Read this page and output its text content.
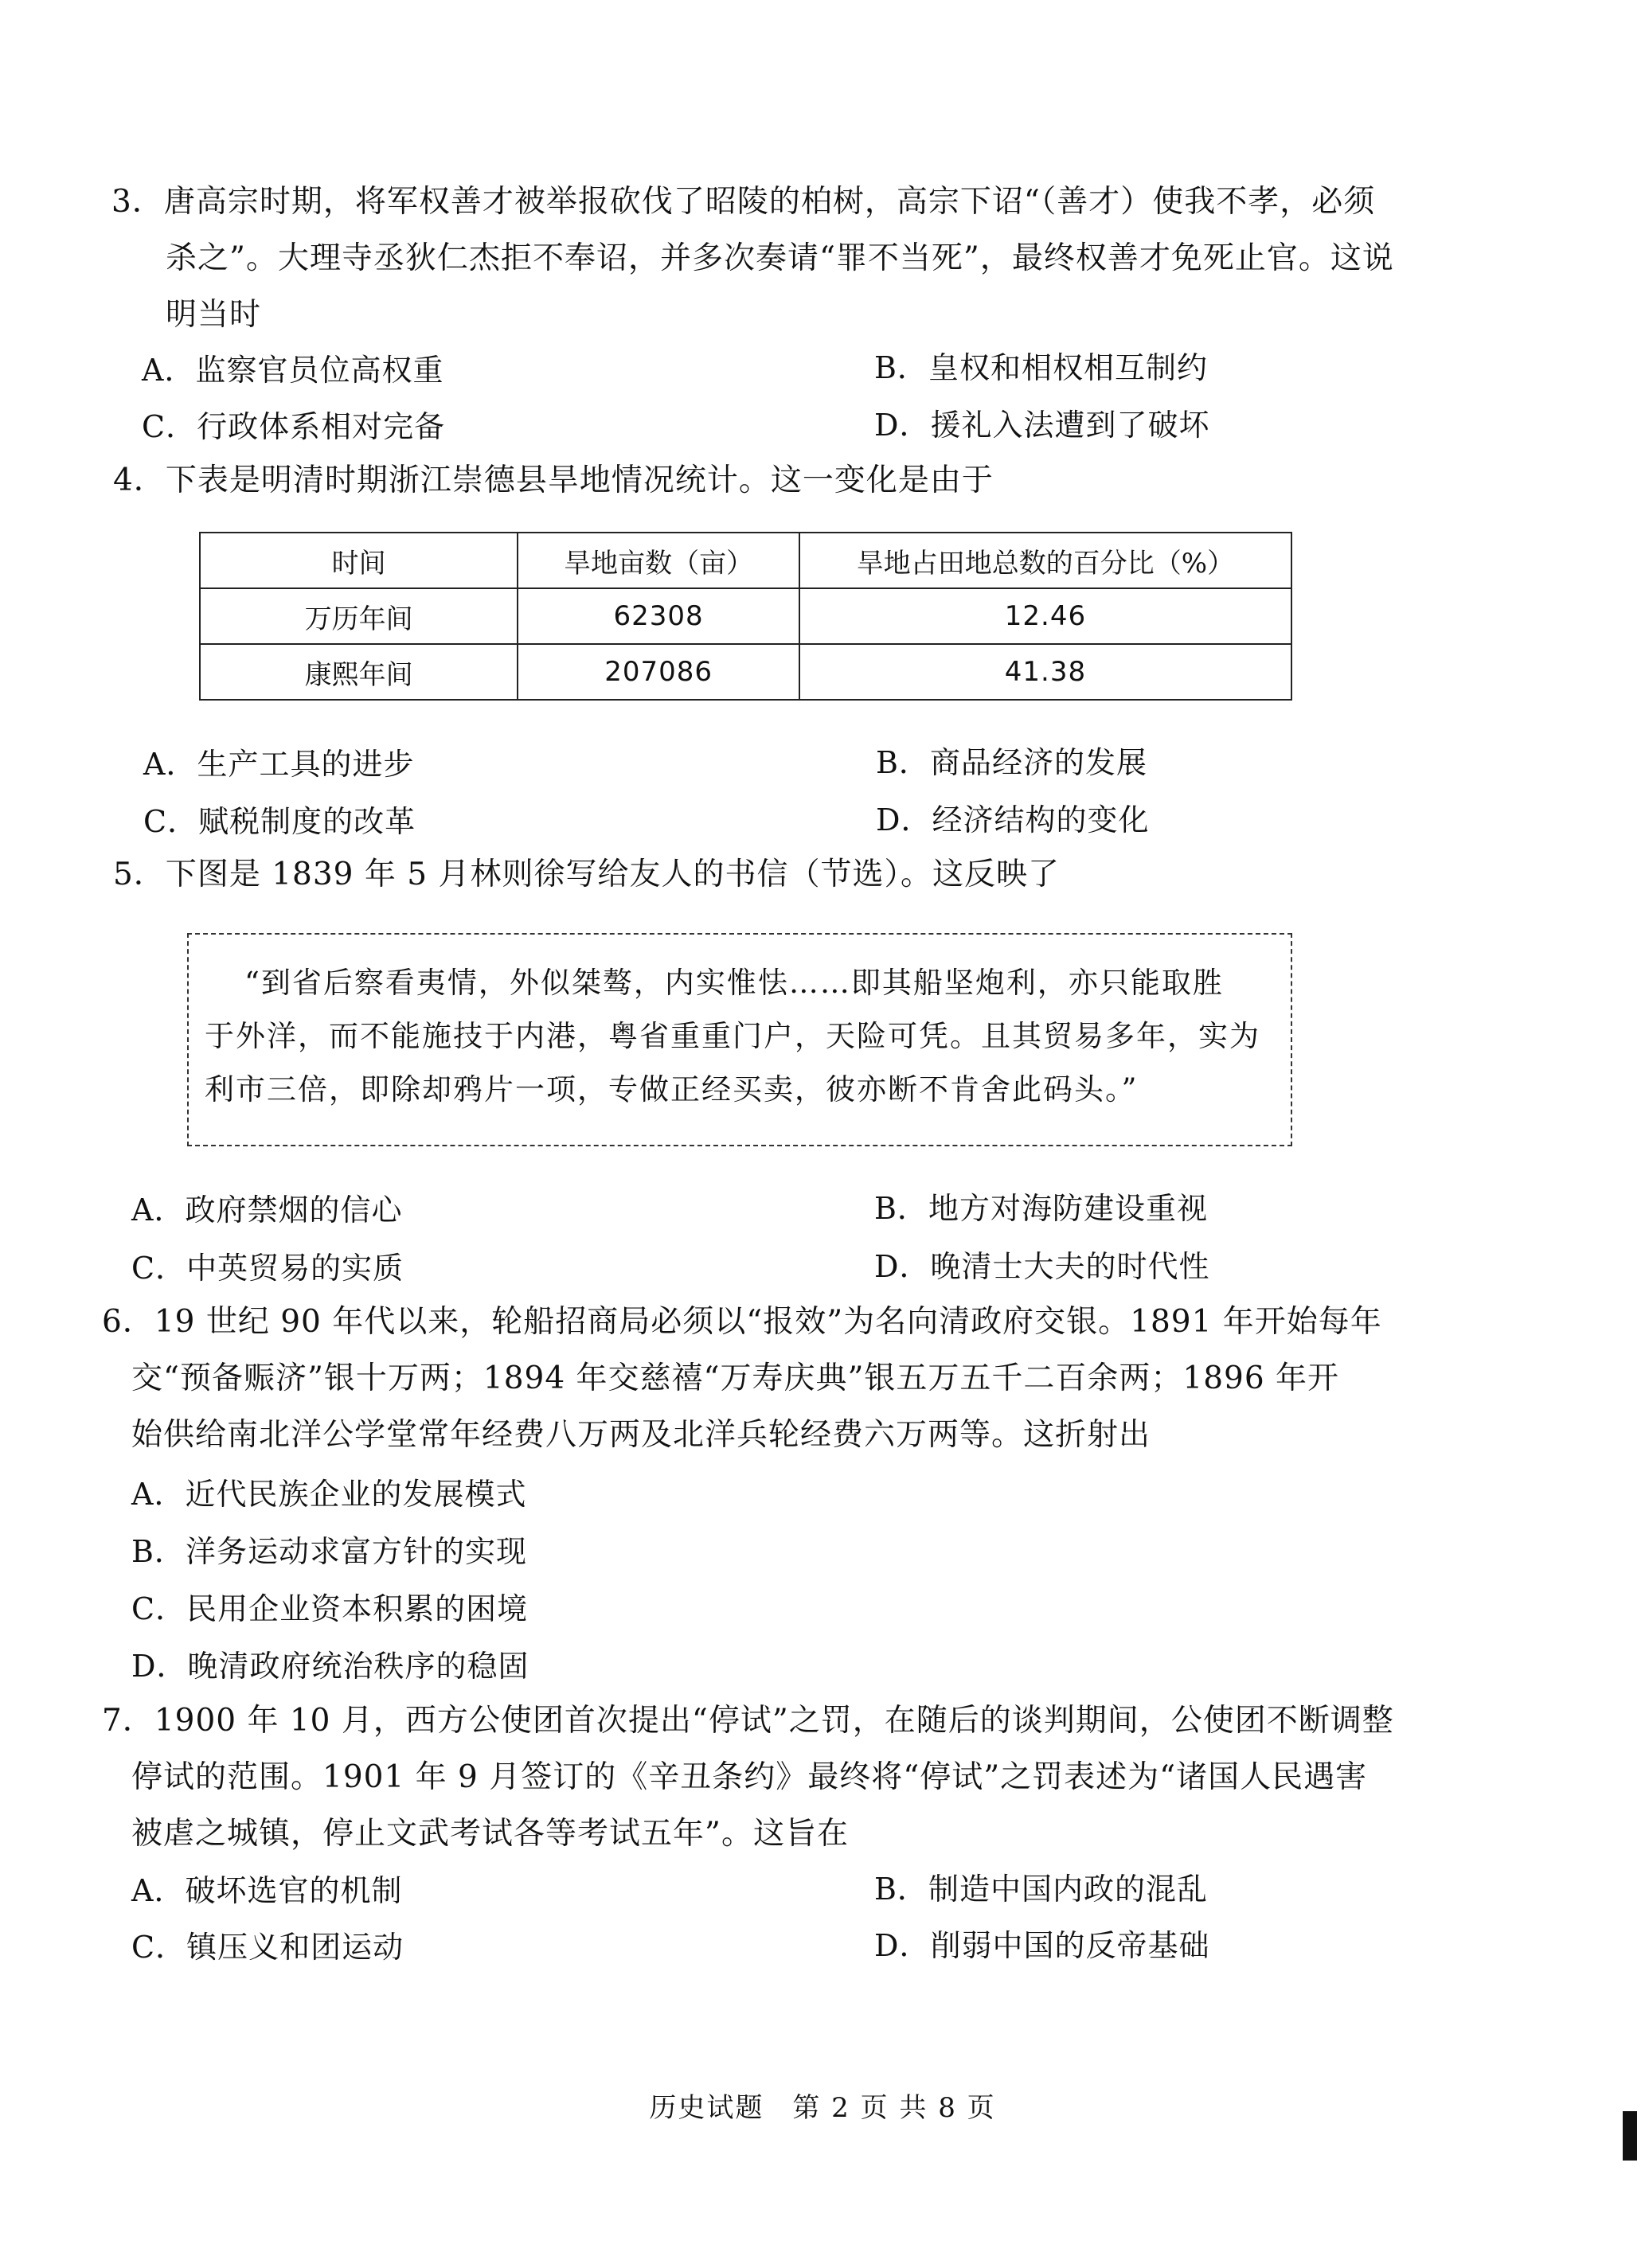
3．唐高宗时期，将军权善才被举报砍伐了昭陵的柏树，高宗下诏“（善才）使我不孝，必须
杀之”。大理寺丞狄仁杰拒不奉诏，并多次奏请“罪不当死”，最终权善才免死止官。这说
明当时
A．监察官员位高权重	B．皇权和相权相互制约
C．行政体系相对完备	D．援礼入法遭到了破坏
4．下表是明清时期浙江崇德县旱地情况统计。这一变化是由于
时间	旱地亩数（亩）	旱地占田地总数的百分比（%）
万历年间	62308	12.46
康熙年间	207086	41.38
A．生产工具的进步	B．商品经济的发展
C．赋税制度的改革	D．经济结构的变化
5．下图是 1839 年 5 月林则徐写给友人的书信（节选）。这反映了
“到省后察看夷情，外似桀骜，内实惟怯……即其船坚炮利，亦只能取胜
于外洋，而不能施技于内港，粤省重重门户，天险可凭。且其贸易多年，实为
利市三倍，即除却鸦片一项，专做正经买卖，彼亦断不肯舍此码头。”
A．政府禁烟的信心	B．地方对海防建设重视
C．中英贸易的实质	D．晚清士大夫的时代性
6．19 世纪 90 年代以来，轮船招商局必须以“报效”为名向清政府交银。1891 年开始每年
交“预备赈济”银十万两；1894 年交慈禧“万寿庆典”银五万五千二百余两；1896 年开
始供给南北洋公学堂常年经费八万两及北洋兵轮经费六万两等。这折射出
A．近代民族企业的发展模式
B．洋务运动求富方针的实现
C．民用企业资本积累的困境
D．晚清政府统治秩序的稳固
7．1900 年 10 月，西方公使团首次提出“停试”之罚，在随后的谈判期间，公使团不断调整
停试的范围。1901 年 9 月签订的《辛丑条约》最终将“停试”之罚表述为“诸国人民遇害
被虐之城镇，停止文武考试各等考试五年”。这旨在
A．破坏选官的机制	B．制造中国内政的混乱
C．镇压义和团运动	D．削弱中国的反帝基础
历史试题　第 2 页 共 8 页
